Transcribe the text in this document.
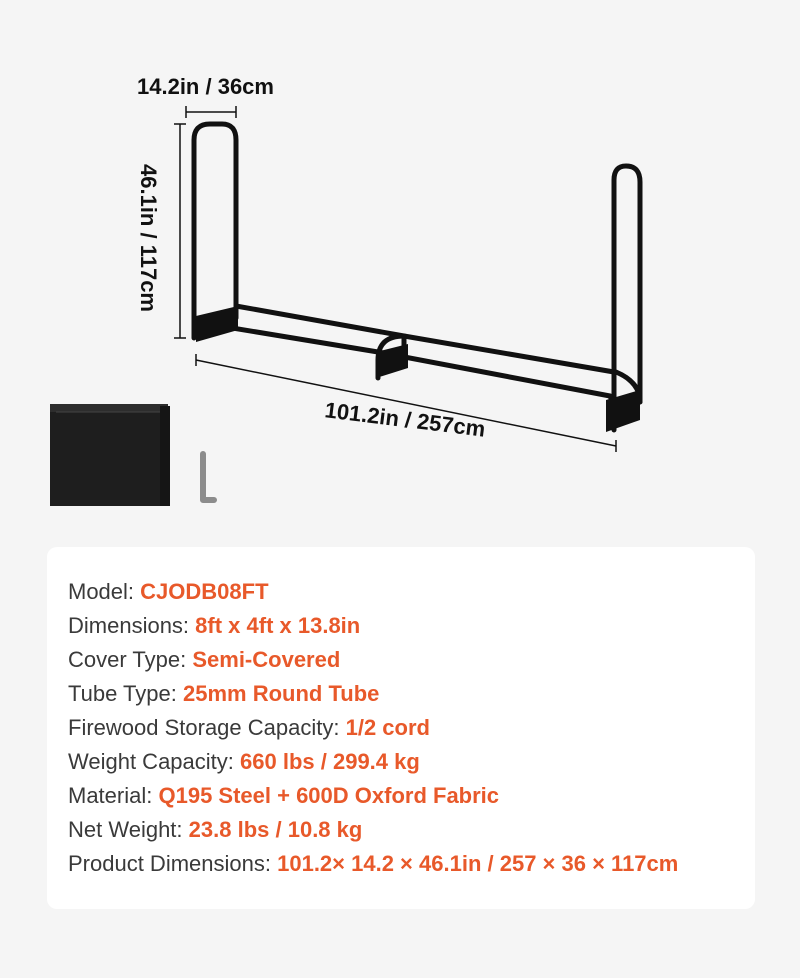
14.2in / 36cm
46.1in / 117cm
101.2in / 257cm
Model: CJODB08FT
Dimensions: 8ft x 4ft x 13.8in
Cover Type: Semi-Covered
Tube Type: 25mm Round Tube
Firewood Storage Capacity: 1/2 cord
Weight Capacity: 660 lbs / 299.4 kg
Material: Q195 Steel + 600D Oxford Fabric
Net Weight: 23.8 lbs / 10.8 kg
Product Dimensions: 101.2× 14.2 × 46.1in / 257 × 36 × 117cm
